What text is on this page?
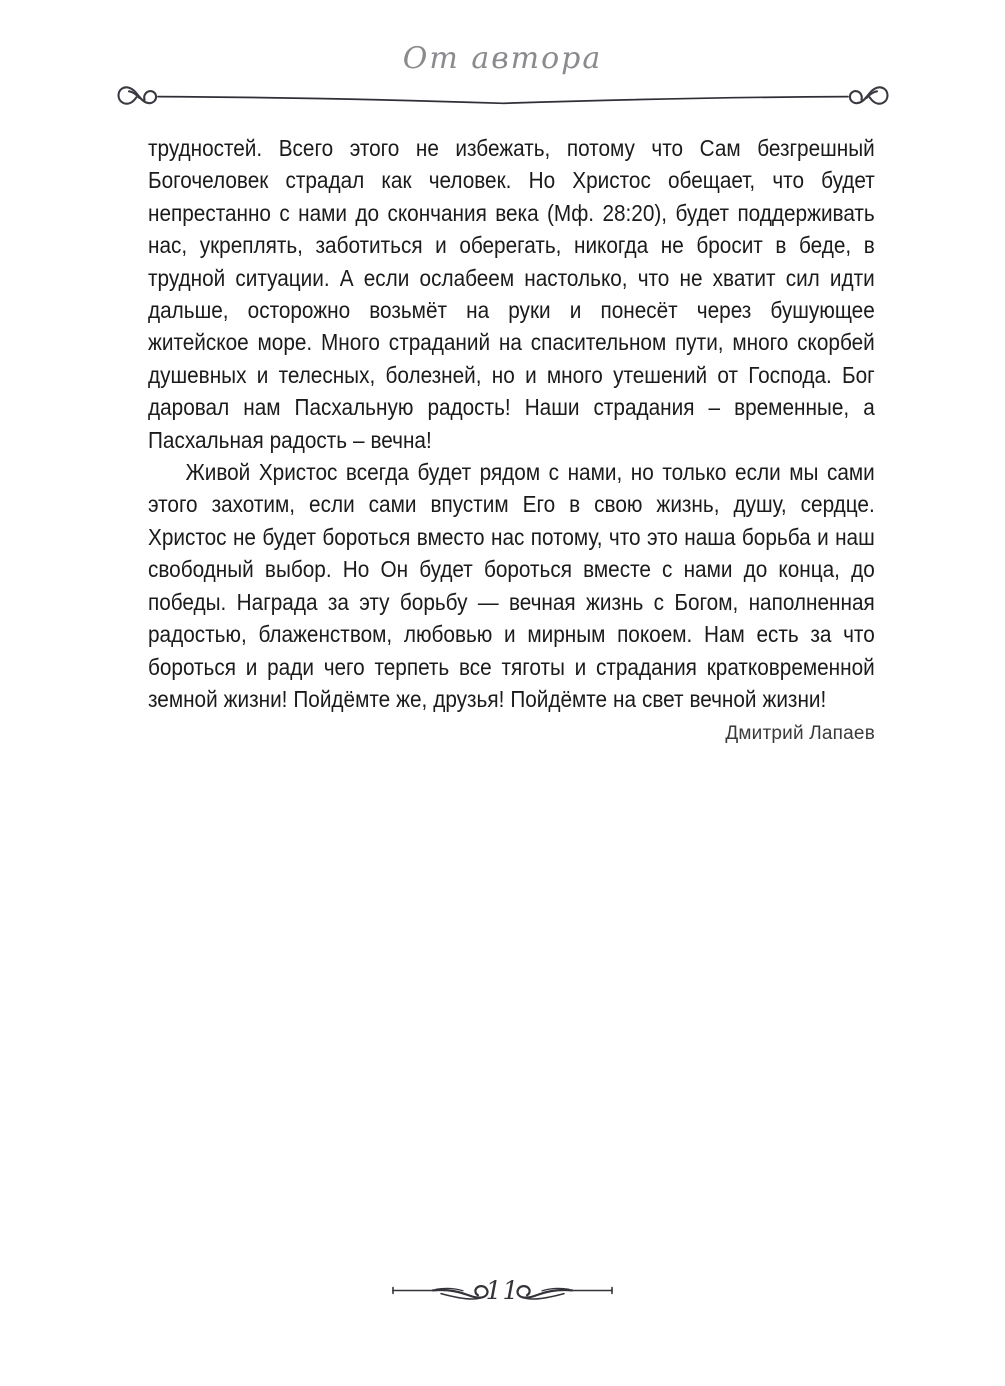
От автора

трудностей. Всего этого не избежать, потому что Сам безгрешный Богочеловек страдал как человек. Но Христос обещает, что будет непрестанно с нами до скончания века (Мф. 28:20), будет поддерживать нас, укреплять, заботиться и оберегать, никогда не бросит в беде, в трудной ситуации. А если ослабеем настолько, что не хватит сил идти дальше, осторожно возьмёт на руки и понесёт через бушующее житейское море. Много страданий на спасительном пути, много скорбей душевных и телесных, болезней, но и много утешений от Господа. Бог даровал нам Пасхальную радость! Наши страдания – временные, а Пасхальная радость – вечна!

Живой Христос всегда будет рядом с нами, но только если мы сами этого захотим, если сами впустим Его в свою жизнь, душу, сердце. Христос не будет бороться вместо нас потому, что это наша борьба и наш свободный выбор. Но Он будет бороться вместе с нами до конца, до победы. Награда за эту борьбу — вечная жизнь с Богом, наполненная радостью, блаженством, любовью и мирным покоем. Нам есть за что бороться и ради чего терпеть все тяготы и страдания кратковременной земной жизни! Пойдёмте же, друзья! Пойдёмте на свет вечной жизни!

Дмитрий Лапаев
11
